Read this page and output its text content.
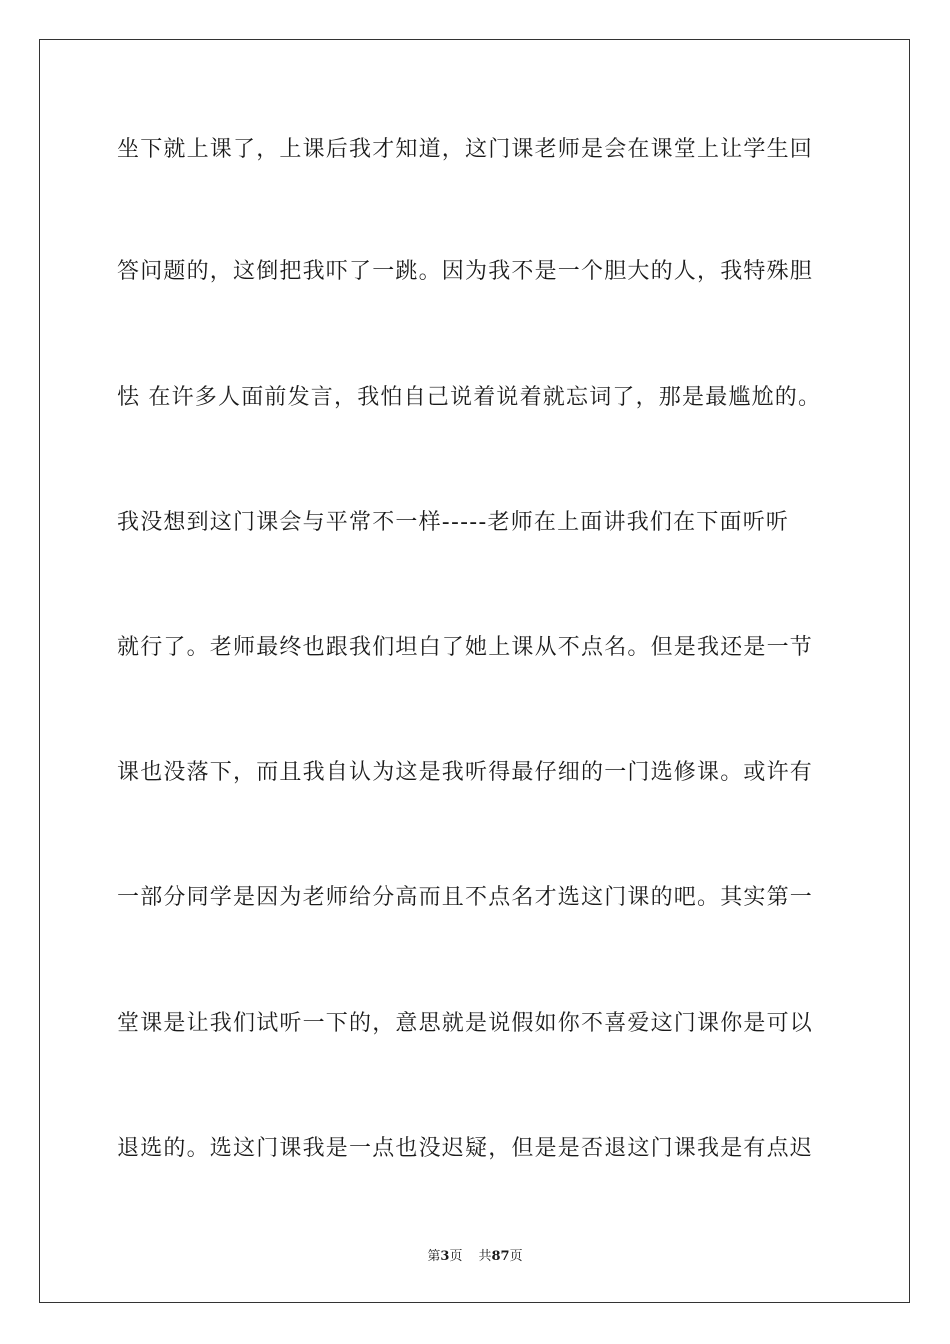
坐下就上课了，上课后我才知道，这门课老师是会在课堂上让学生回
答问题的，这倒把我吓了一跳。因为我不是一个胆大的人，我特殊胆
怯 在许多人面前发言，我怕自己说着说着就忘词了，那是最尴尬的。
我没想到这门课会与平常不一样-----老师在上面讲我们在下面听听
就行了。老师最终也跟我们坦白了她上课从不点名。但是我还是一节
课也没落下，而且我自认为这是我听得最仔细的一门选修课。或许有
一部分同学是因为老师给分高而且不点名才选这门课的吧。其实第一
堂课是让我们试听一下的，意思就是说假如你不喜爱这门课你是可以
退选的。选这门课我是一点也没迟疑，但是是否退这门课我是有点迟
第3页 共87页
